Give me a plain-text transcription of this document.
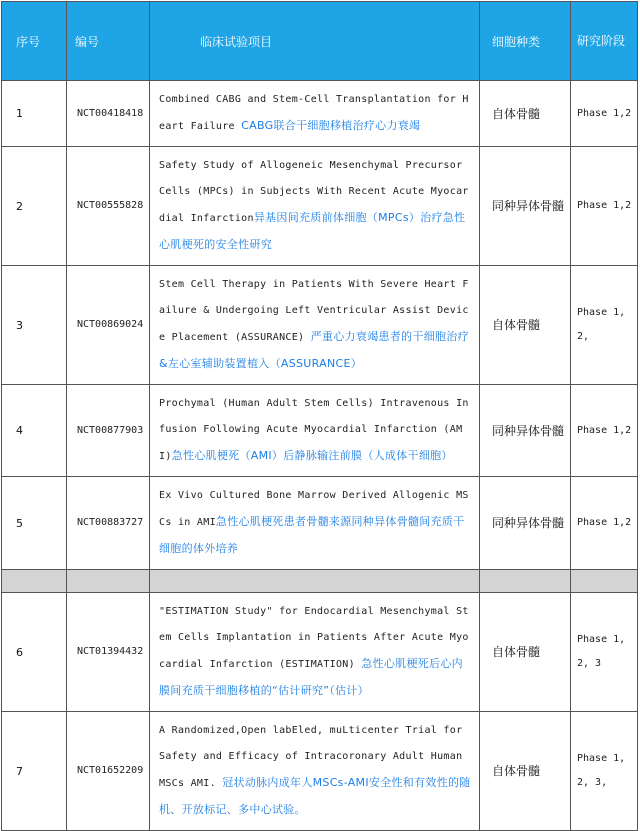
序号	编号	临床试验项目	细胞种类	研究阶段
1	NCT00418418	Combined CABG and Stem-Cell Transplantation for Heart Failure CABG联合干细胞移植治疗心力衰竭	自体骨髓	Phase 1,2
2	NCT00555828	Safety Study of Allogeneic Mesenchymal Precursor Cells (MPCs) in Subjects With Recent Acute Myocardial Infarction异基因间充质前体细胞（MPCs）治疗急性心肌梗死的安全性研究	同种异体骨髓	Phase 1,2
3	NCT00869024	Stem Cell Therapy in Patients With Severe Heart Failure & Undergoing Left Ventricular Assist Device Placement (ASSURANCE) 严重心力衰竭患者的干细胞治疗&左心室辅助装置植入（ASSURANCE）	自体骨髓	Phase 1, 2,
4	NCT00877903	Prochymal (Human Adult Stem Cells) Intravenous Infusion Following Acute Myocardial Infarction (AMI)急性心肌梗死（AMI）后静脉输注前膜（人成体干细胞）	同种异体骨髓	Phase 1,2
5	NCT00883727	Ex Vivo Cultured Bone Marrow Derived Allogenic MSCs in AMI急性心肌梗死患者骨髓来源同种异体骨髓间充质干细胞的体外培养	同种异体骨髓	Phase 1,2

6	NCT01394432	"ESTIMATION Study" for Endocardial Mesenchymal Stem Cells Implantation in Patients After Acute Myocardial Infarction (ESTIMATION) 急性心肌梗死后心内膜间充质干细胞移植的“估计研究”（估计）	自体骨髓	Phase 1, 2, 3
7	NCT01652209	A Randomized,Open labEled, muLticenter Trial for Safety and Efficacy of Intracoronary Adult Human MSCs AMI. 冠状动脉内成年人MSCs-AMI安全性和有效性的随机、开放标记、多中心试验。	自体骨髓	Phase 1, 2, 3,
